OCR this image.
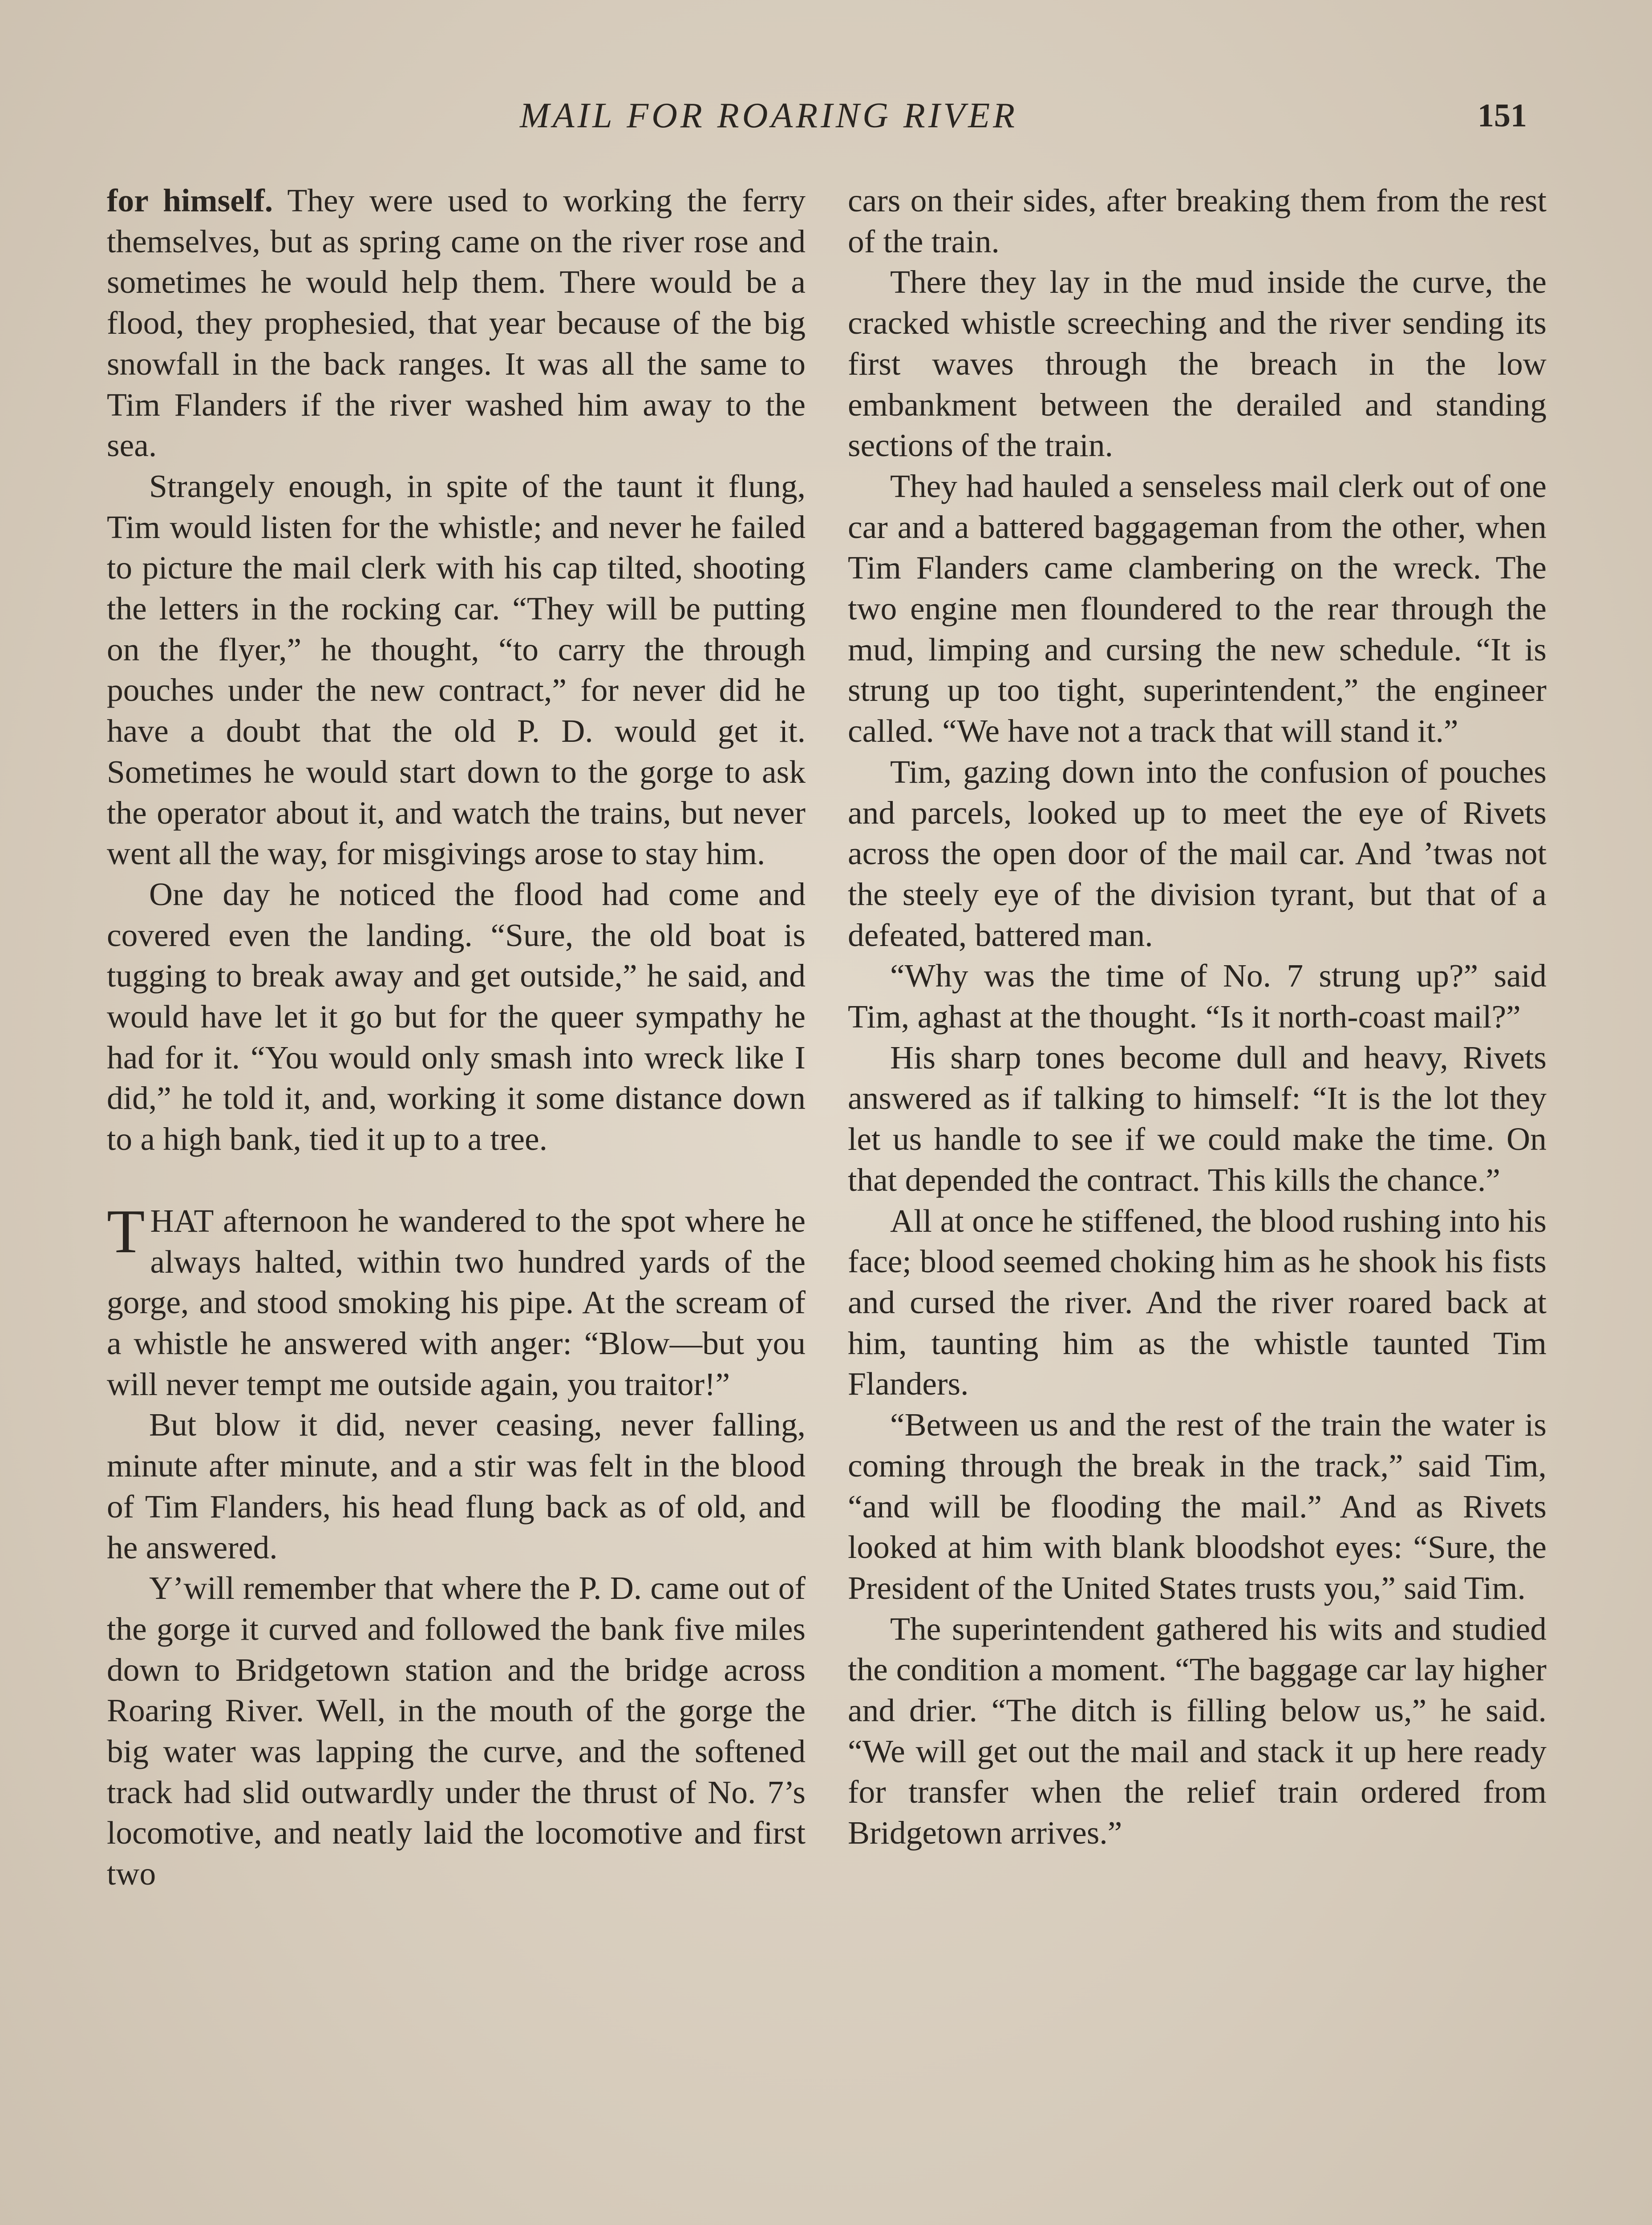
MAIL FOR ROARING RIVER	151

for himself. They were used to working the ferry themselves, but as spring came on the river rose and sometimes he would help them. There would be a flood, they prophesied, that year because of the big snowfall in the back ranges. It was all the same to Tim Flanders if the river washed him away to the sea.

Strangely enough, in spite of the taunt it flung, Tim would listen for the whistle; and never he failed to picture the mail clerk with his cap tilted, shooting the letters in the rocking car. “They will be putting on the flyer,” he thought, “to carry the through pouches under the new contract,” for never did he have a doubt that the old P. D. would get it. Sometimes he would start down to the gorge to ask the operator about it, and watch the trains, but never went all the way, for misgivings arose to stay him.

One day he noticed the flood had come and covered even the landing. “Sure, the old boat is tugging to break away and get outside,” he said, and would have let it go but for the queer sympathy he had for it. “You would only smash into wreck like I did,” he told it, and, working it some distance down to a high bank, tied it up to a tree.

THAT afternoon he wandered to the spot where he always halted, within two hundred yards of the gorge, and stood smoking his pipe. At the scream of a whistle he answered with anger: “Blow—but you will never tempt me outside again, you traitor!”

But blow it did, never ceasing, never falling, minute after minute, and a stir was felt in the blood of Tim Flanders, his head flung back as of old, and he answered.

Y’will remember that where the P. D. came out of the gorge it curved and followed the bank five miles down to Bridgetown station and the bridge across Roaring River. Well, in the mouth of the gorge the big water was lapping the curve, and the softened track had slid outwardly under the thrust of No. 7’s locomotive, and neatly laid the locomotive and first two

cars on their sides, after breaking them from the rest of the train.

There they lay in the mud inside the curve, the cracked whistle screeching and the river sending its first waves through the breach in the low embankment between the derailed and standing sections of the train.

They had hauled a senseless mail clerk out of one car and a battered baggageman from the other, when Tim Flanders came clambering on the wreck. The two engine men floundered to the rear through the mud, limping and cursing the new schedule. “It is strung up too tight, superintendent,” the engineer called. “We have not a track that will stand it.”

Tim, gazing down into the confusion of pouches and parcels, looked up to meet the eye of Rivets across the open door of the mail car. And ’twas not the steely eye of the division tyrant, but that of a defeated, battered man.

“Why was the time of No. 7 strung up?” said Tim, aghast at the thought. “Is it north-coast mail?”

His sharp tones become dull and heavy, Rivets answered as if talking to himself: “It is the lot they let us handle to see if we could make the time. On that depended the contract. This kills the chance.”

All at once he stiffened, the blood rushing into his face; blood seemed choking him as he shook his fists and cursed the river. And the river roared back at him, taunting him as the whistle taunted Tim Flanders.

“Between us and the rest of the train the water is coming through the break in the track,” said Tim, “and will be flooding the mail.” And as Rivets looked at him with blank bloodshot eyes: “Sure, the President of the United States trusts you,” said Tim.

The superintendent gathered his wits and studied the condition a moment. “The baggage car lay higher and drier. “The ditch is filling below us,” he said. “We will get out the mail and stack it up here ready for transfer when the relief train ordered from Bridgetown arrives.”
